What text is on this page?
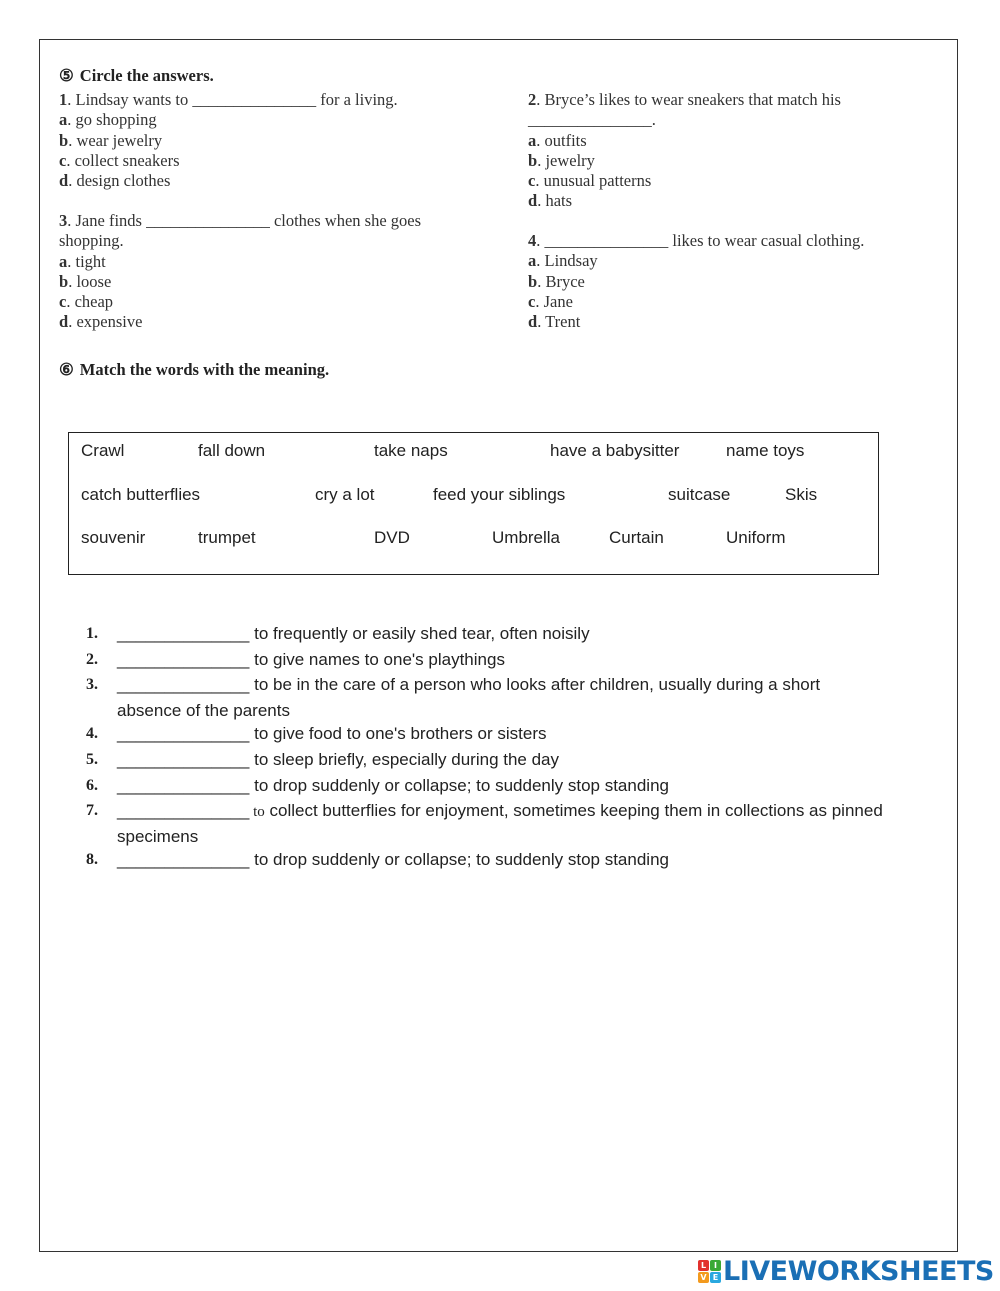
⑤ Circle the answers.
1. Lindsay wants to _______________ for a living.
a. go shopping
b. wear jewelry
c. collect sneakers
d. design clothes
2. Bryce’s likes to wear sneakers that match his
_______________.
a. outfits
b. jewelry
c. unusual patterns
d. hats
3. Jane finds _______________ clothes when she goes
shopping.
a. tight
b. loose
c. cheap
d. expensive
4. _______________ likes to wear casual clothing.
a. Lindsay
b. Bryce
c. Jane
d. Trent
⑥ Match the words with the meaning.
Crawl	fall down	take naps	have a babysitter	name toys
catch butterflies	cry a lot	feed your siblings	suitcase	Skis
souvenir	trumpet	DVD	Umbrella	Curtain	Uniform
1. ______________ to frequently or easily shed tear, often noisily
2. ______________ to give names to one's playthings
3. ______________ to be in the care of a person who looks after children, usually during a short
absence of the parents
4. ______________ to give food to one's brothers or sisters
5. ______________ to sleep briefly, especially during the day
6. ______________ to drop suddenly or collapse; to suddenly stop standing
7. ______________ to collect butterflies for enjoyment, sometimes keeping them in collections as pinned
specimens
8. ______________ to drop suddenly or collapse; to suddenly stop standing
L I
V E LIVEWORKSHEETS
